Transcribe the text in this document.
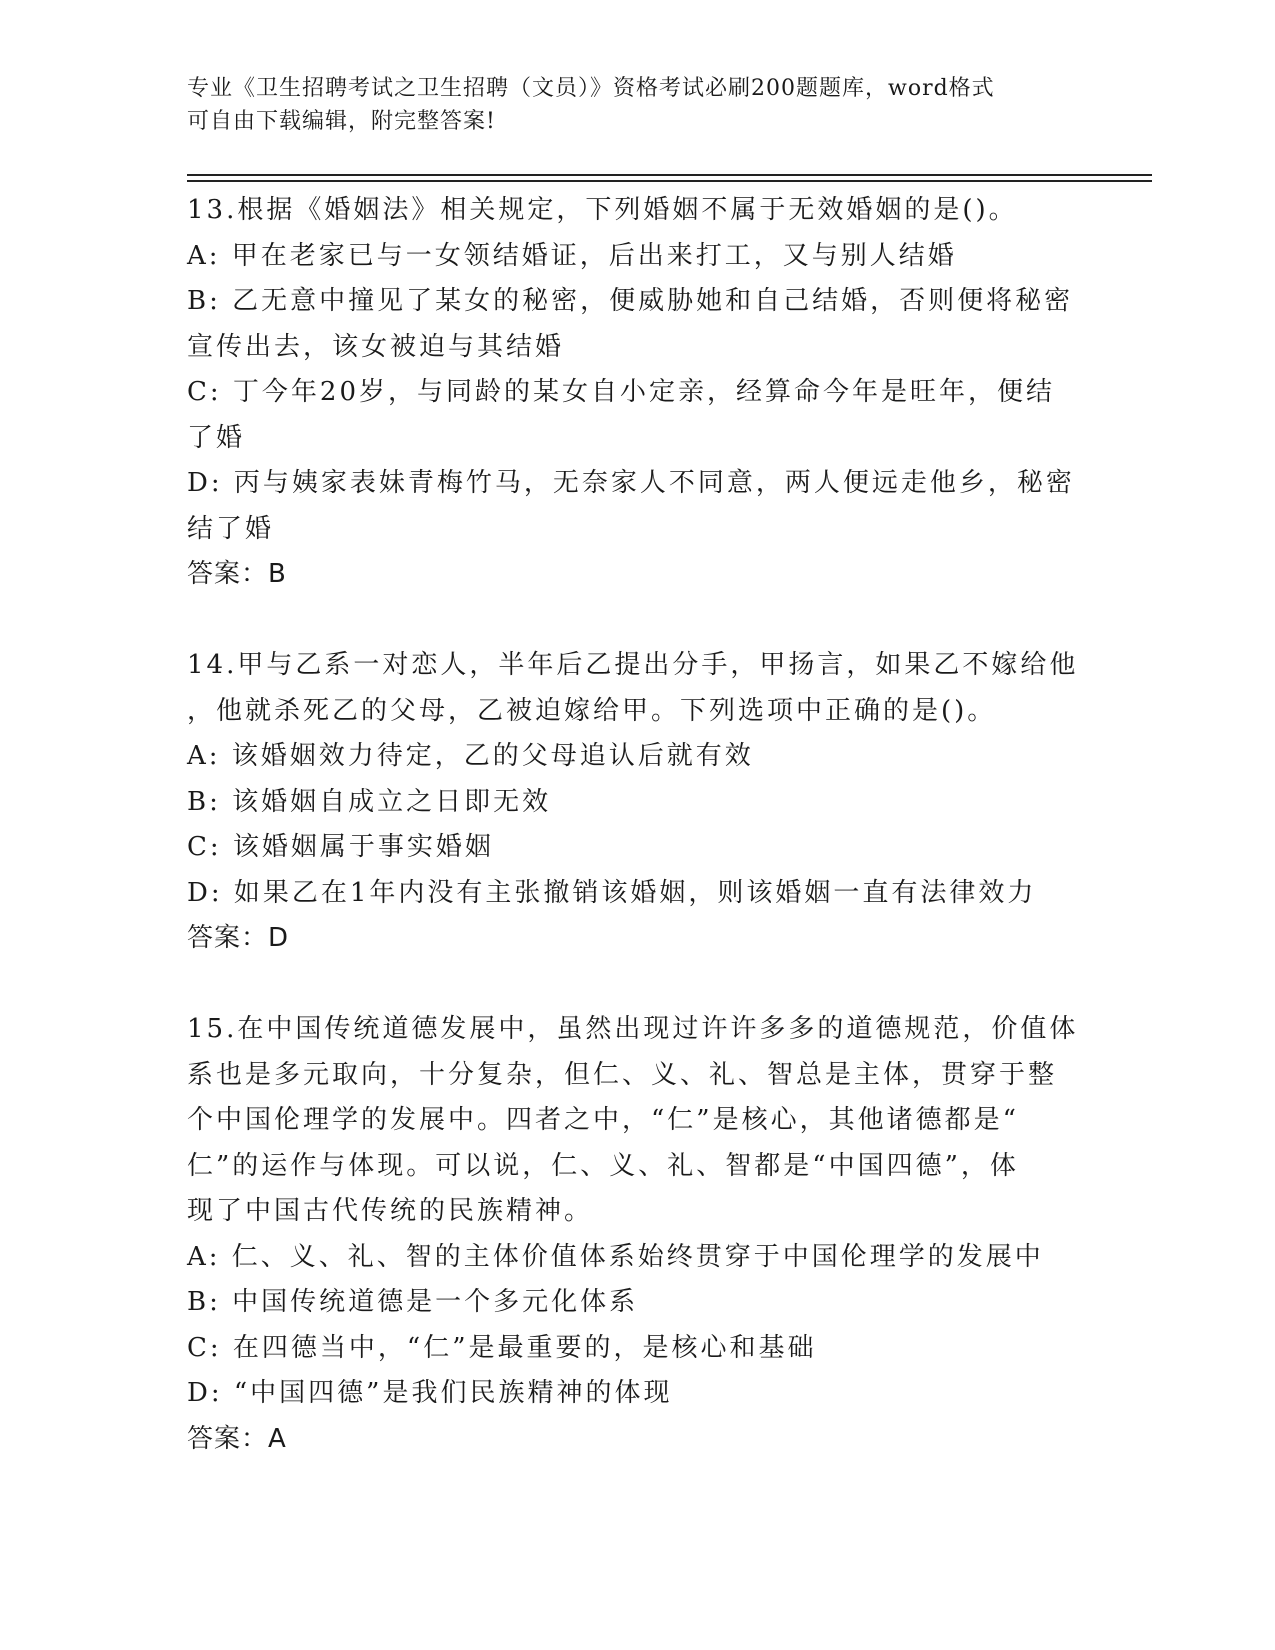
专业《卫生招聘考试之卫生招聘（文员）》资格考试必刷200题题库，word格式
可自由下载编辑，附完整答案!
13.根据《婚姻法》相关规定，下列婚姻不属于无效婚姻的是()。
A: 甲在老家已与一女领结婚证，后出来打工，又与别人结婚
B: 乙无意中撞见了某女的秘密，便威胁她和自己结婚，否则便将秘密
宣传出去，该女被迫与其结婚
C: 丁今年20岁，与同龄的某女自小定亲，经算命今年是旺年，便结
了婚
D: 丙与姨家表妹青梅竹马，无奈家人不同意，两人便远走他乡，秘密
结了婚
答案：B
14.甲与乙系一对恋人，半年后乙提出分手，甲扬言，如果乙不嫁给他
，他就杀死乙的父母，乙被迫嫁给甲。下列选项中正确的是()。
A: 该婚姻效力待定，乙的父母追认后就有效
B: 该婚姻自成立之日即无效
C: 该婚姻属于事实婚姻
D: 如果乙在1年内没有主张撤销该婚姻，则该婚姻一直有法律效力
答案：D
15.在中国传统道德发展中，虽然出现过许许多多的道德规范，价值体
系也是多元取向，十分复杂，但仁、义、礼、智总是主体，贯穿于整
个中国伦理学的发展中。四者之中，“仁”是核心，其他诸德都是“
仁”的运作与体现。可以说，仁、义、礼、智都是“中国四德”，体
现了中国古代传统的民族精神。
A: 仁、义、礼、智的主体价值体系始终贯穿于中国伦理学的发展中
B: 中国传统道德是一个多元化体系
C: 在四德当中，“仁”是最重要的，是核心和基础
D: “中国四德”是我们民族精神的体现
答案：A
